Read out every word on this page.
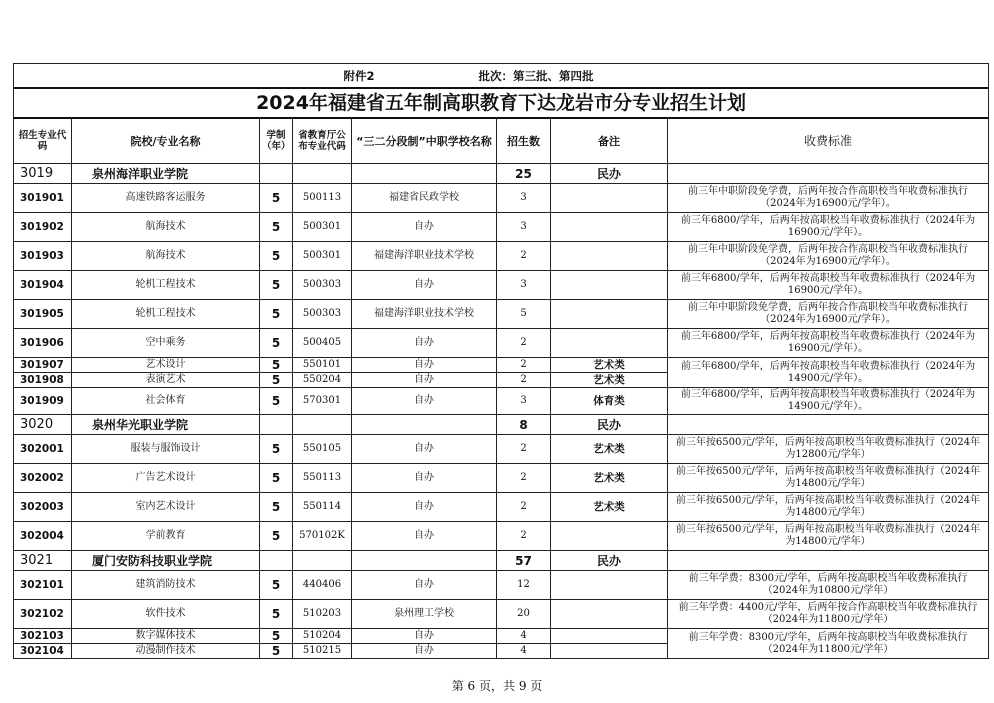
				附件2 批次：第三批、第四批			
2024年福建省五年制高职教育下达龙岩市分专业招生计划							
招生专业代码	院校/专业名称	学制（年）	省教育厅公布专业代码	“三二分段制”中职学校名称	招生数	备注	收费标准
3019	泉州海洋职业学院				25	民办	
301901	高速铁路客运服务	5	500113	福建省民政学校	3		前三年中职阶段免学费，后两年按合作高职校当年收费标准执行（2024年为16900元/学年）。
301902	航海技术	5	500301	自办	3		前三年6800/学年，后两年按高职校当年收费标准执行（2024年为16900元/学年）。
301903	航海技术	5	500301	福建海洋职业技术学校	2		前三年中职阶段免学费，后两年按合作高职校当年收费标准执行（2024年为16900元/学年）。
301904	轮机工程技术	5	500303	自办	3		前三年6800/学年，后两年按高职校当年收费标准执行（2024年为16900元/学年）。
301905	轮机工程技术	5	500303	福建海洋职业技术学校	5		前三年中职阶段免学费，后两年按合作高职校当年收费标准执行（2024年为16900元/学年）。
301906	空中乘务	5	500405	自办	2		前三年6800/学年，后两年按高职校当年收费标准执行（2024年为16900元/学年）。
301907	艺术设计	5	550101	自办	2	艺术类	前三年6800/学年，后两年按高职校当年收费标准执行（2024年为14900元/学年）。
301908	表演艺术	5	550204	自办	2	艺术类	
301909	社会体育	5	570301	自办	3	体育类	前三年6800/学年，后两年按高职校当年收费标准执行（2024年为14900元/学年）。
3020	泉州华光职业学院				8	民办	
302001	服装与服饰设计	5	550105	自办	2	艺术类	前三年按6500元/学年，后两年按高职校当年收费标准执行（2024年为12800元/学年）
302002	广告艺术设计	5	550113	自办	2	艺术类	前三年按6500元/学年，后两年按高职校当年收费标准执行（2024年为14800元/学年）
302003	室内艺术设计	5	550114	自办	2	艺术类	前三年按6500元/学年，后两年按高职校当年收费标准执行（2024年为14800元/学年）
302004	学前教育	5	570102K	自办	2		前三年按6500元/学年，后两年按高职校当年收费标准执行（2024年为14800元/学年）
3021	厦门安防科技职业学院				57	民办	
302101	建筑消防技术	5	440406	自办	12		前三年学费：8300元/学年，后两年按高职校当年收费标准执行（2024年为10800元/学年）
302102	软件技术	5	510203	泉州理工学校	20		前三年学费：4400元/学年，后两年按合作高职校当年收费标准执行（2024年为11800元/学年）
302103	数字媒体技术	5	510204	自办	4		前三年学费：8300元/学年，后两年按高职校当年收费标准执行（2024年为11800元/学年）
302104	动漫制作技术	5	510215	自办	4		
第 6 页，共 9 页
